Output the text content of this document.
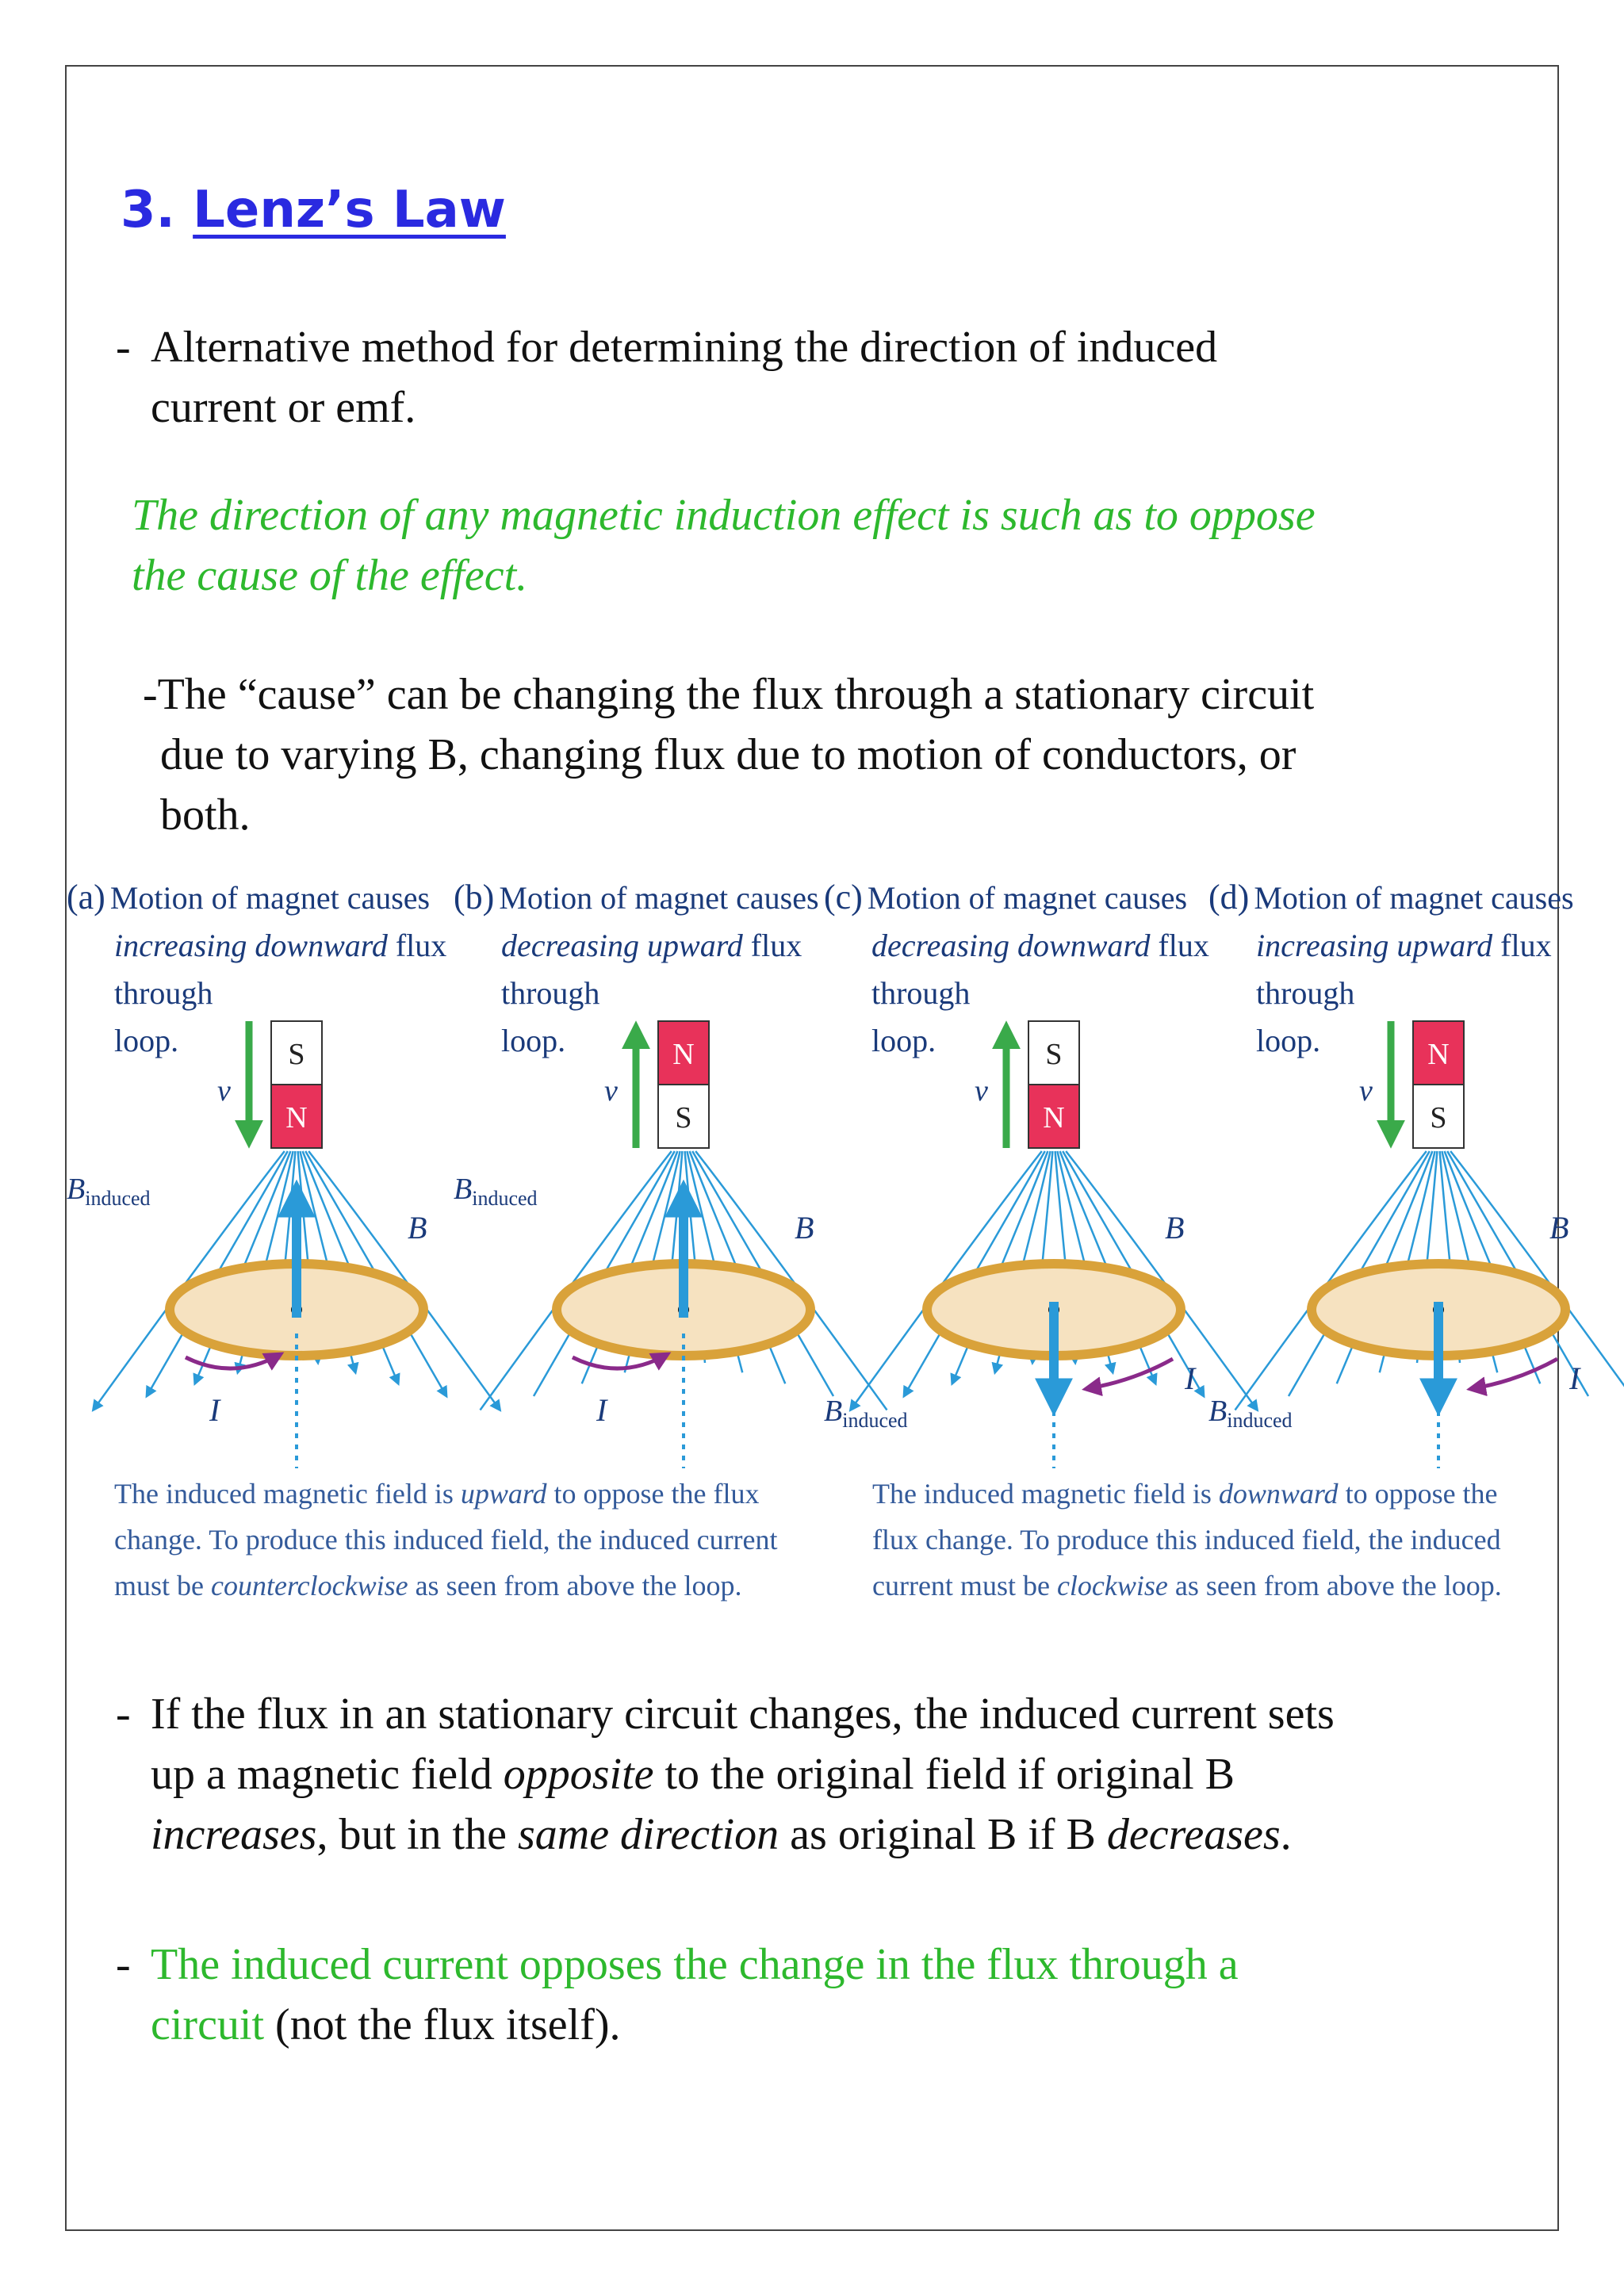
3. Lenz’s Law
- Alternative method for determining the direction of induced
current or emf.
The direction of any magnetic induction effect is such as to oppose
the cause of the effect.
-The “cause” can be changing the flux through a stationary circuit
due to varying B, changing flux due to motion of conductors, or
both.
(a) Motion of magnet causes
increasing downward flux
through
loop.	S
N
v
B
$B_{induced}$
I
(b) Motion of magnet causes
decreasing upward flux
through
loop.	N
S
v
B
$B_{induced}$
I
(c) Motion of magnet causes
decreasing downward flux
through
loop.	S
N
v
B
$B_{induced}$
I
(d) Motion of magnet causes
increasing upward flux
through
loop.	N
S
v
B
$B_{induced}$
I
The induced magnetic field is upward to oppose the flux
change. To produce this induced field, the induced current
must be counterclockwise as seen from above the loop.
The induced magnetic field is downward to oppose the
flux change. To produce this induced field, the induced
current must be clockwise as seen from above the loop.
- If the flux in an stationary circuit changes, the induced current sets
up a magnetic field opposite to the original field if original B
increases, but in the same direction as original B if B decreases.
- The induced current opposes the change in the flux through a
circuit (not the flux itself).
